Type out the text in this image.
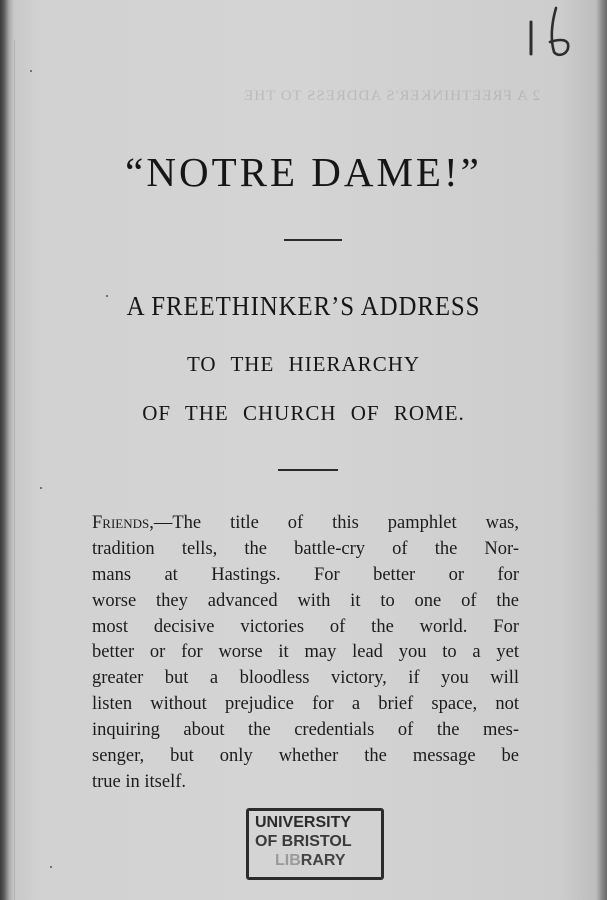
2 A FREETHINKER'S ADDRESS TO THE
“NOTRE DAME!”
A FREETHINKER’S ADDRESS
TO THE HIERARCHY
OF THE CHURCH OF ROME.
Friends,—The title of this pamphlet was,
tradition tells, the battle-cry of the Nor-
mans at Hastings. For better or for
worse they advanced with it to one of the
most decisive victories of the world. For
better or for worse it may lead you to a yet
greater but a bloodless victory, if you will
listen without prejudice for a brief space, not
inquiring about the credentials of the mes-
senger, but only whether the message be
true in itself.
UNIVERSITY
OF BRISTOL
LIBRARY
